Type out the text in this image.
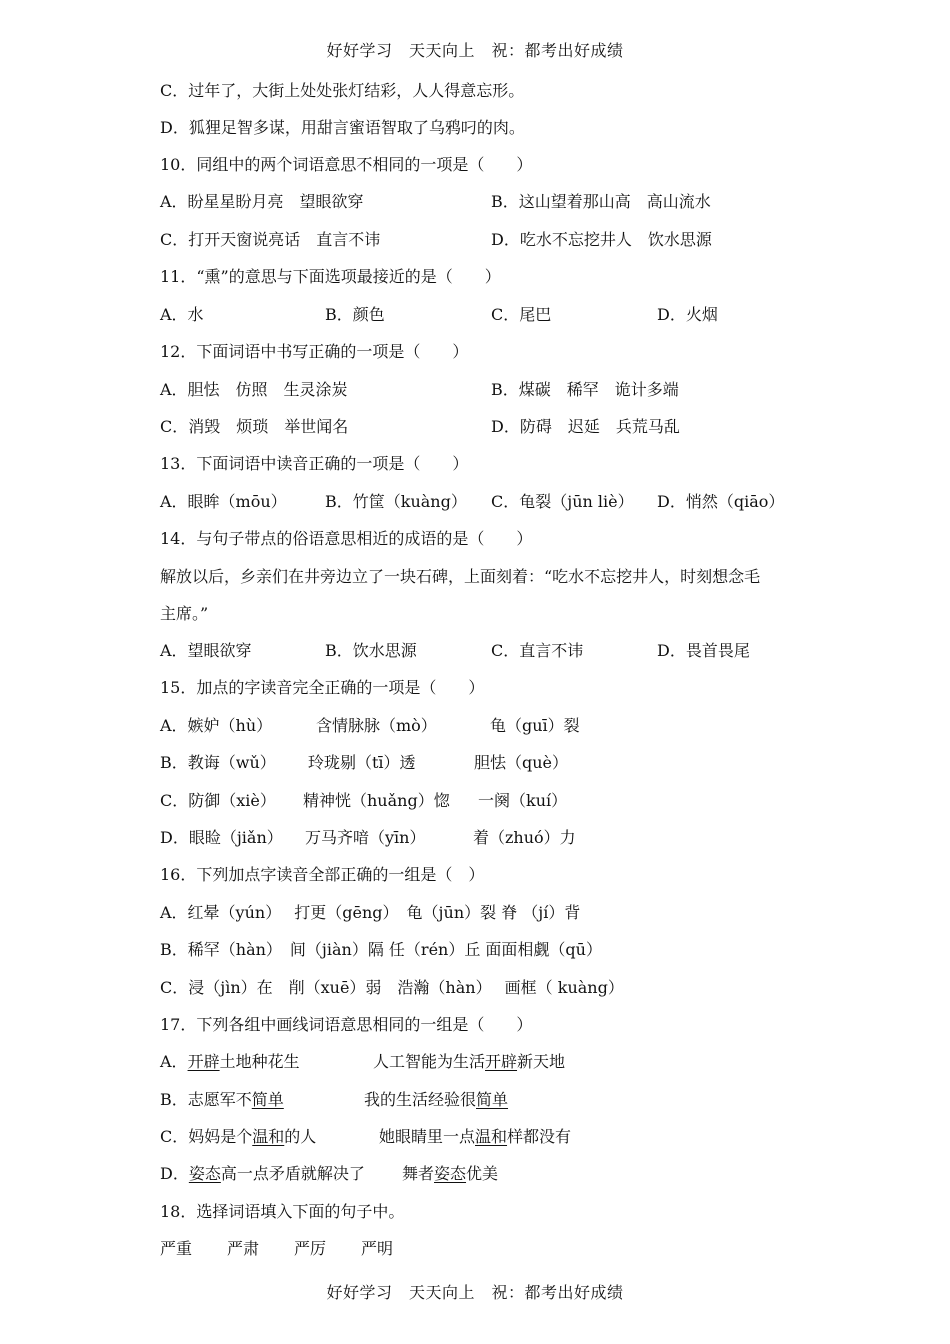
好好学习　天天向上　祝：都考出好成绩
C．过年了，大街上处处张灯结彩，人人得意忘形。
D．狐狸足智多谋，用甜言蜜语智取了乌鸦叼的肉。
10．同组中的两个词语意思不相同的一项是（　　）
A．盼星星盼月亮　望眼欲穿	B．这山望着那山高　高山流水
C．打开天窗说亮话　直言不讳	D．吃水不忘挖井人　饮水思源
11．“熏”的意思与下面选项最接近的是（　　）
A．水	B．颜色	C．尾巴	D．火烟
12．下面词语中书写正确的一项是（　　）
A．胆怯　仿照　生灵涂炭	B．煤碳　稀罕　诡计多端
C．消毁　烦琐　举世闻名	D．防碍　迟延　兵荒马乱
13．下面词语中读音正确的一项是（　　）
A．眼眸（mōu） B．竹筐（kuàng） C．龟裂（jūn liè） D．悄然（qiāo）
14．与句子带点的俗语意思相近的成语的是（　　）
解放以后，乡亲们在井旁边立了一块石碑，上面刻着：“吃水不忘挖井人，时刻想念毛
主席。”
A．望眼欲穿	B．饮水思源	C．直言不讳	D．畏首畏尾
15．加点的字读音完全正确的一项是（　　）
A．嫉妒（hù）	含情脉脉（mò）	龟（guī）裂
B．教诲（wǔ） 玲珑剔（tī）透	胆怯（què）
C．防御（xiè） 精神恍（huǎng）惚 一阕（kuí）
D．眼睑（jiǎn） 万马齐喑（yīn）	着（zhuó）力
16．下列加点字读音全部正确的一组是（　）
A．红晕（yún）　 打更（gēng）　龟（jūn）裂 脊 （jí）背
B．稀罕（hàn）　间（jiàn）隔 任（rén）丘 面面相觑（qū）
C．浸（jìn）在　削（xuē）弱　浩瀚（hàn）　 画框（ kuàng）
17．下列各组中画线词语意思相同的一组是（　　）
A．开辟土地种花生	人工智能为生活开辟新天地
B．志愿军不简单	我的生活经验很简单
C．妈妈是个温和的人	她眼睛里一点温和样都没有
D．姿态高一点矛盾就解决了 舞者姿态优美
18．选择词语填入下面的句子中。
严重 严肃 严厉 严明
好好学习　天天向上　祝：都考出好成绩
